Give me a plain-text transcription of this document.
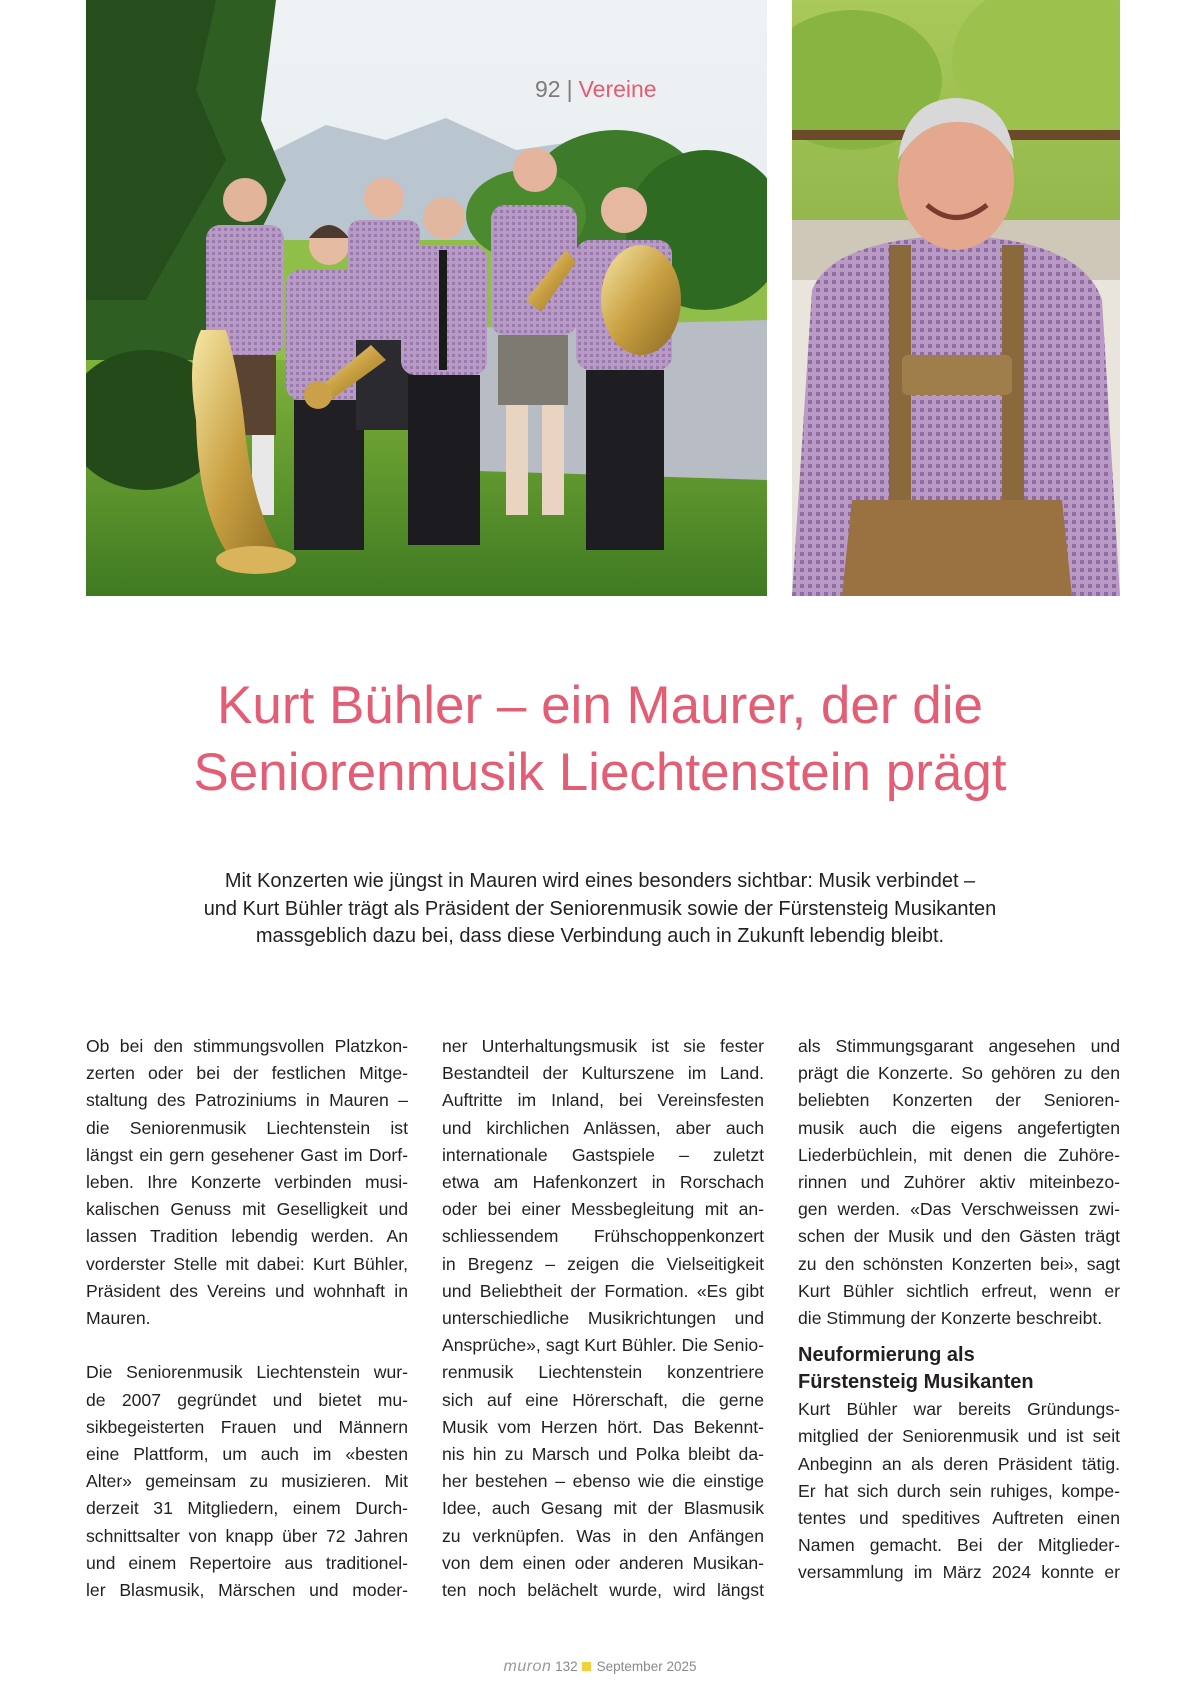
92 | Vereine
Kurt Bühler – ein Maurer, der die
Seniorenmusik Liechtenstein prägt
Mit Konzerten wie jüngst in Mauren wird eines besonders sichtbar: Musik verbindet –
und Kurt Bühler trägt als Präsident der Seniorenmusik sowie der Fürstensteig Musikanten
massgeblich dazu bei, dass diese Verbindung auch in Zukunft lebendig bleibt.
Ob bei den stimmungsvollen Platzkon-
zerten oder bei der festlichen Mitge-
staltung des Patroziniums in Mauren –
die Seniorenmusik Liechtenstein ist
längst ein gern gesehener Gast im Dorf-
leben. Ihre Konzerte verbinden musi-
kalischen Genuss mit Geselligkeit und
lassen Tradition lebendig werden. An
vorderster Stelle mit dabei: Kurt Bühler,
Präsident des Vereins und wohnhaft in
Mauren.
Die Seniorenmusik Liechtenstein wur-
de 2007 gegründet und bietet mu-
sikbegeisterten Frauen und Männern
eine Plattform, um auch im «besten
Alter» gemeinsam zu musizieren. Mit
derzeit 31 Mitgliedern, einem Durch-
schnittsalter von knapp über 72 Jahren
und einem Repertoire aus traditionel-
ler Blasmusik, Märschen und moder-
ner Unterhaltungsmusik ist sie fester
Bestandteil der Kulturszene im Land.
Auftritte im Inland, bei Vereinsfesten
und kirchlichen Anlässen, aber auch
internationale Gastspiele – zuletzt
etwa am Hafenkonzert in Rorschach
oder bei einer Messbegleitung mit an-
schliessendem Frühschoppenkonzert
in Bregenz – zeigen die Vielseitigkeit
und Beliebtheit der Formation. «Es gibt
unterschiedliche Musikrichtungen und
Ansprüche», sagt Kurt Bühler. Die Senio-
renmusik Liechtenstein konzentriere
sich auf eine Hörerschaft, die gerne
Musik vom Herzen hört. Das Bekennt-
nis hin zu Marsch und Polka bleibt da-
her bestehen – ebenso wie die einstige
Idee, auch Gesang mit der Blasmusik
zu verknüpfen. Was in den Anfängen
von dem einen oder anderen Musikan-
ten noch belächelt wurde, wird längst
als Stimmungsgarant angesehen und
prägt die Konzerte. So gehören zu den
beliebten Konzerten der Senioren-
musik auch die eigens angefertigten
Liederbüchlein, mit denen die Zuhöre-
rinnen und Zuhörer aktiv miteinbezo-
gen werden. «Das Verschweissen zwi-
schen der Musik und den Gästen trägt
zu den schönsten Konzerten bei», sagt
Kurt Bühler sichtlich erfreut, wenn er
die Stimmung der Konzerte beschreibt.
Neuformierung als
Fürstensteig Musikanten
Kurt Bühler war bereits Gründungs-
mitglied der Seniorenmusik und ist seit
Anbeginn an als deren Präsident tätig.
Er hat sich durch sein ruhiges, kompe-
tentes und speditives Auftreten einen
Namen gemacht. Bei der Mitglieder-
versammlung im März 2024 konnte er
muron 132 September 2025
